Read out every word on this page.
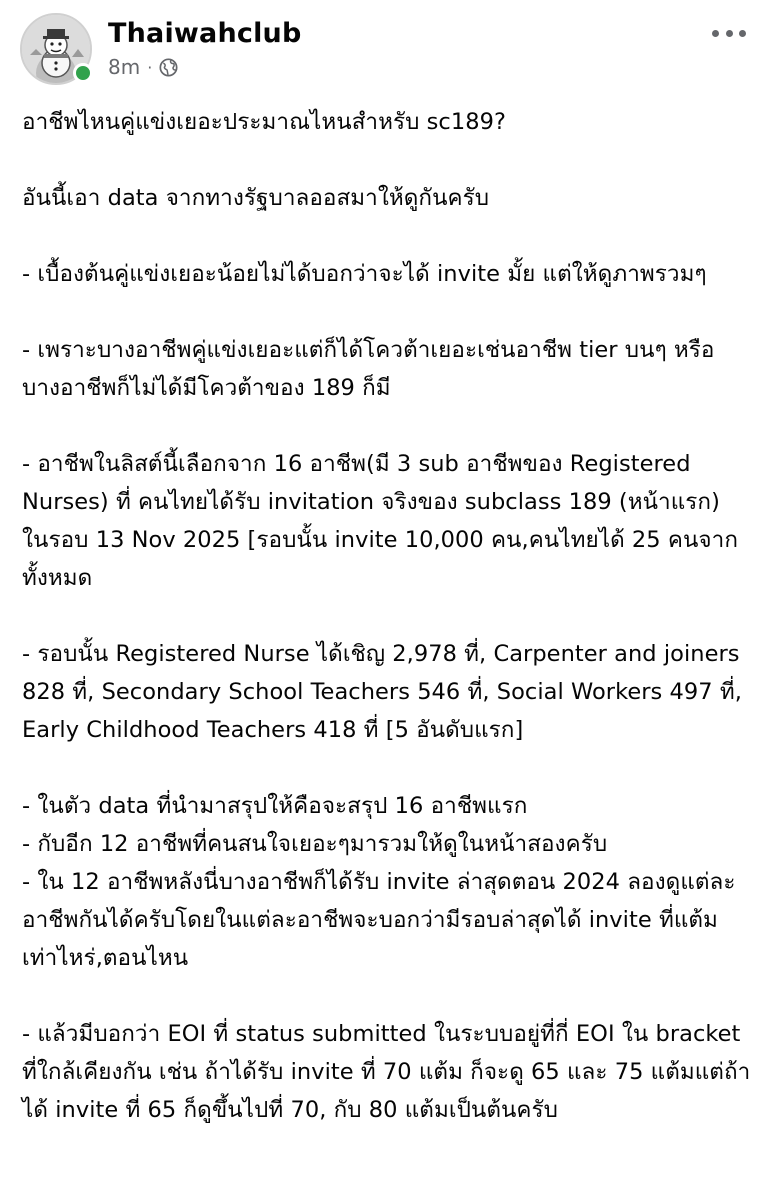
Thaiwahclub
8m ·

อาชีพไหนคู่แข่งเยอะประมาณไหนสำหรับ sc189?

อันนี้เอา data จากทางรัฐบาลออสมาให้ดูกันครับ

- เบื้องต้นคู่แข่งเยอะน้อยไม่ได้บอกว่าจะได้ invite มั้ย แต่ให้ดูภาพรวมๆ

- เพราะบางอาชีพคู่แข่งเยอะแต่ก็ได้โควต้าเยอะเช่นอาชีพ tier บนๆ หรือบางอาชีพก็ไม่ได้มีโควต้าของ 189 ก็มี

- อาชีพในลิสต์นี้เลือกจาก 16 อาชีพ(มี 3 sub อาชีพของ Registered Nurses) ที่ คนไทยได้รับ invitation จริงของ subclass 189 (หน้าแรก) ในรอบ 13 Nov 2025 [รอบนั้น invite 10,000 คน,คนไทยได้ 25 คนจากทั้งหมด

- รอบนั้น Registered Nurse ได้เชิญ 2,978 ที่, Carpenter and joiners 828 ที่, Secondary School Teachers 546 ที่, Social Workers 497 ที่, Early Childhood Teachers 418 ที่ [5 อันดับแรก]

- ในตัว data ที่นำมาสรุปให้คือจะสรุป 16 อาชีพแรก

- กับอีก 12 อาชีพที่คนสนใจเยอะๆมารวมให้ดูในหน้าสองครับ

- ใน 12 อาชีพหลังนี่บางอาชีพก็ได้รับ invite ล่าสุดตอน 2024 ลองดูแต่ละอาชีพกันได้ครับโดยในแต่ละอาชีพจะบอกว่ามีรอบล่าสุดได้ invite ที่แต้มเท่าไหร่,ตอนไหน

- แล้วมีบอกว่า EOI ที่ status submitted ในระบบอยู่ที่กี่ EOI ใน bracket ที่ใกล้เคียงกัน เช่น ถ้าได้รับ invite ที่ 70 แต้ม ก็จะดู 65 และ 75 แต้มแต่ถ้าได้ invite ที่ 65 ก็ดูขึ้นไปที่ 70, กับ 80 แต้มเป็นต้นครับ
